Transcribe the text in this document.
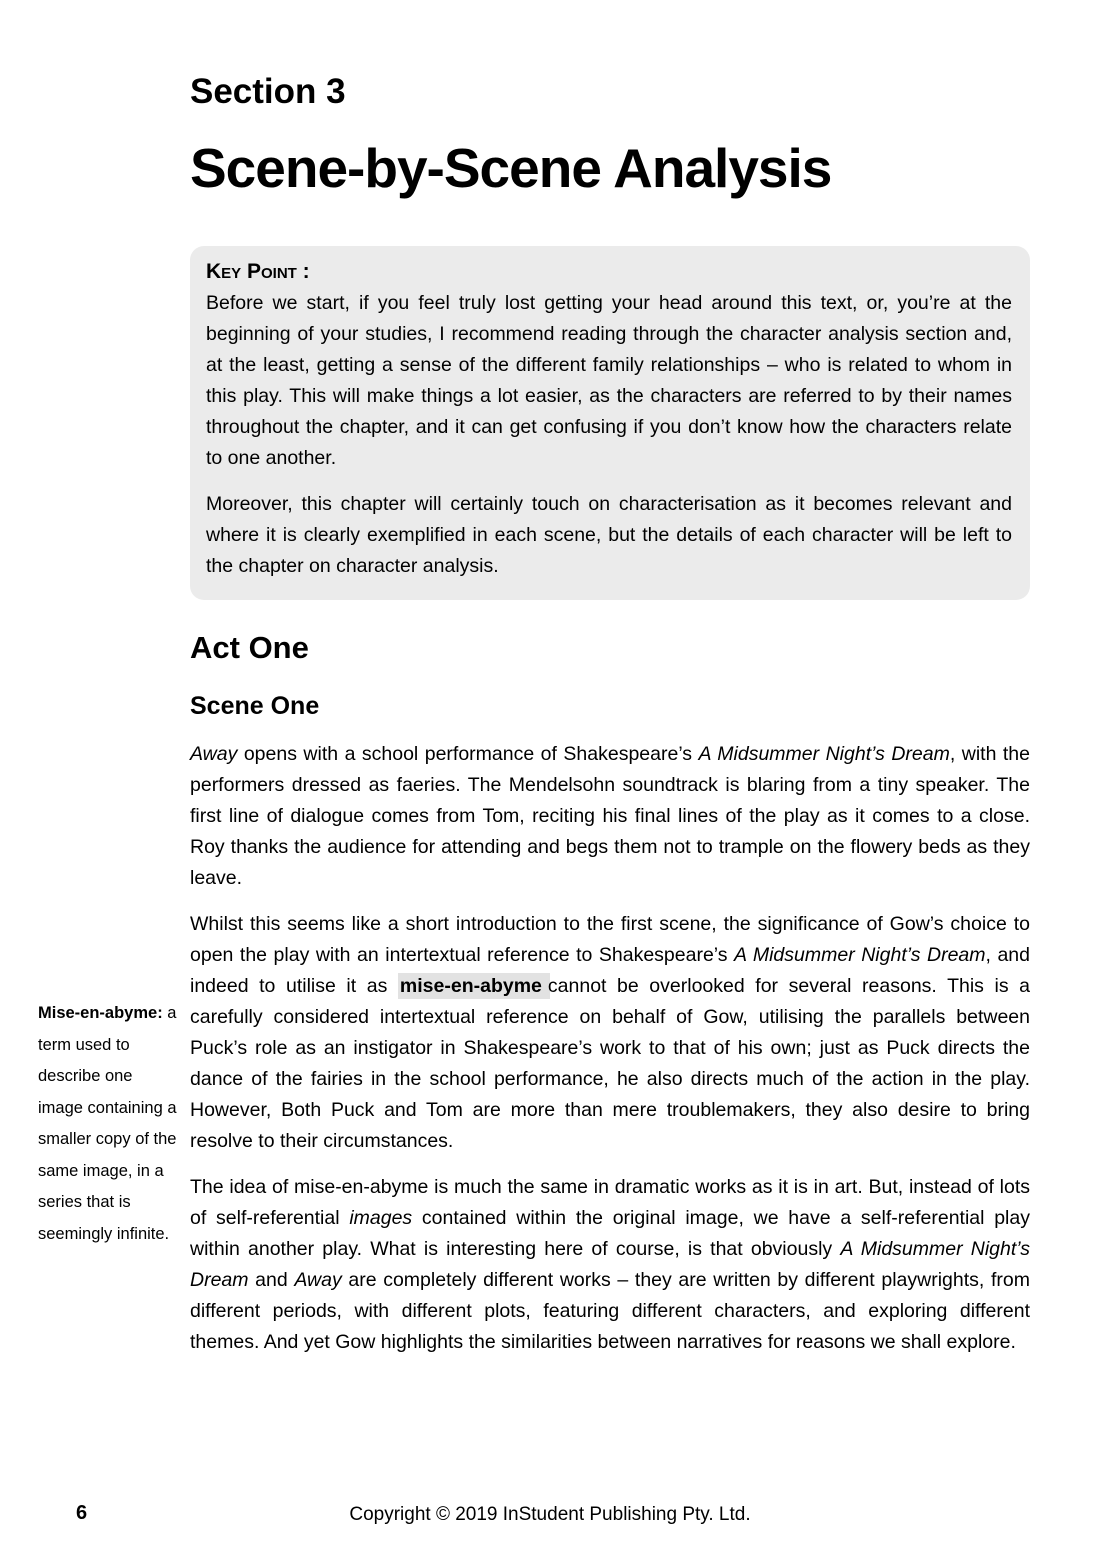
Section 3
Scene-by-Scene Analysis
Key Point :

Before we start, if you feel truly lost getting your head around this text, or, you’re at the beginning of your studies, I recommend reading through the character analysis section and, at the least, getting a sense of the different family relationships – who is related to whom in this play. This will make things a lot easier, as the characters are referred to by their names throughout the chapter, and it can get confusing if you don’t know how the characters relate to one another.

Moreover, this chapter will certainly touch on characterisation as it becomes relevant and where it is clearly exemplified in each scene, but the details of each character will be left to the chapter on character analysis.

Act One
Scene One

Away opens with a school performance of Shakespeare’s A Midsummer Night’s Dream, with the performers dressed as faeries. The Mendelsohn soundtrack is blaring from a tiny speaker. The first line of dialogue comes from Tom, reciting his final lines of the play as it comes to a close. Roy thanks the audience for attending and begs them not to trample on the flowery beds as they leave.

Whilst this seems like a short introduction to the first scene, the significance of Gow’s choice to open the play with an intertextual reference to Shakespeare’s A Midsummer Night’s Dream, and indeed to utilise it as mise-en-abyme cannot be overlooked for several reasons. This is a carefully considered intertextual reference on behalf of Gow, utilising the parallels between Puck’s role as an instigator in Shakespeare’s work to that of his own; just as Puck directs the dance of the fairies in the school performance, he also directs much of the action in the play. However, Both Puck and Tom are more than mere troublemakers, they also desire to bring resolve to their circumstances.

The idea of mise-en-abyme is much the same in dramatic works as it is in art. But, instead of lots of self-referential images contained within the original image, we have a self-referential play within another play. What is interesting here of course, is that obviously A Midsummer Night’s Dream and Away are completely different works – they are written by different playwrights, from different periods, with different plots, featuring different characters, and exploring different themes. And yet Gow highlights the similarities between narratives for reasons we shall explore.

Mise-en-abyme: a term used to describe one image containing a smaller copy of the same image, in a series that is seemingly infinite.

6	Copyright © 2019 InStudent Publishing Pty. Ltd.
